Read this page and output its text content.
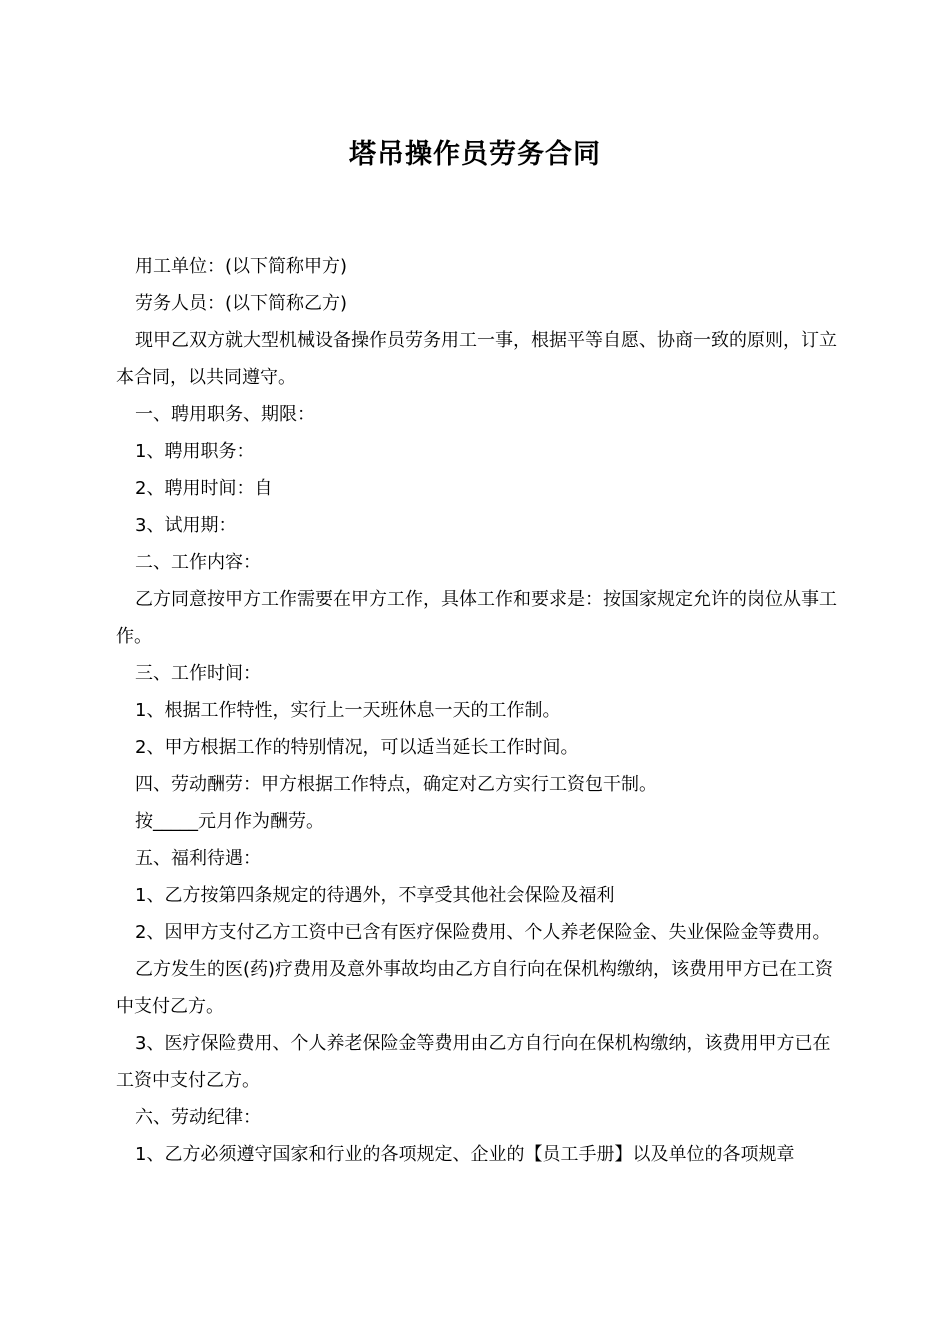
塔吊操作员劳务合同

用工单位：(以下简称甲方)

劳务人员：(以下简称乙方)

现甲乙双方就大型机械设备操作员劳务用工一事，根据平等自愿、协商一致的原则，订立本合同，以共同遵守。

一、聘用职务、期限：

1、聘用职务：

2、聘用时间：自

3、试用期：

二、工作内容：

乙方同意按甲方工作需要在甲方工作，具体工作和要求是：按国家规定允许的岗位从事工作。

三、工作时间：

1、根据工作特性，实行上一天班休息一天的工作制。

2、甲方根据工作的特别情况，可以适当延长工作时间。

四、劳动酬劳：甲方根据工作特点，确定对乙方实行工资包干制。

按_____元月作为酬劳。

五、福利待遇：

1、乙方按第四条规定的待遇外，不享受其他社会保险及福利

2、因甲方支付乙方工资中已含有医疗保险费用、个人养老保险金、失业保险金等费用。

乙方发生的医(药)疗费用及意外事故均由乙方自行向在保机构缴纳，该费用甲方已在工资中支付乙方。

3、医疗保险费用、个人养老保险金等费用由乙方自行向在保机构缴纳，该费用甲方已在工资中支付乙方。

六、劳动纪律：

1、乙方必须遵守国家和行业的各项规定、企业的【员工手册】以及单位的各项规章
